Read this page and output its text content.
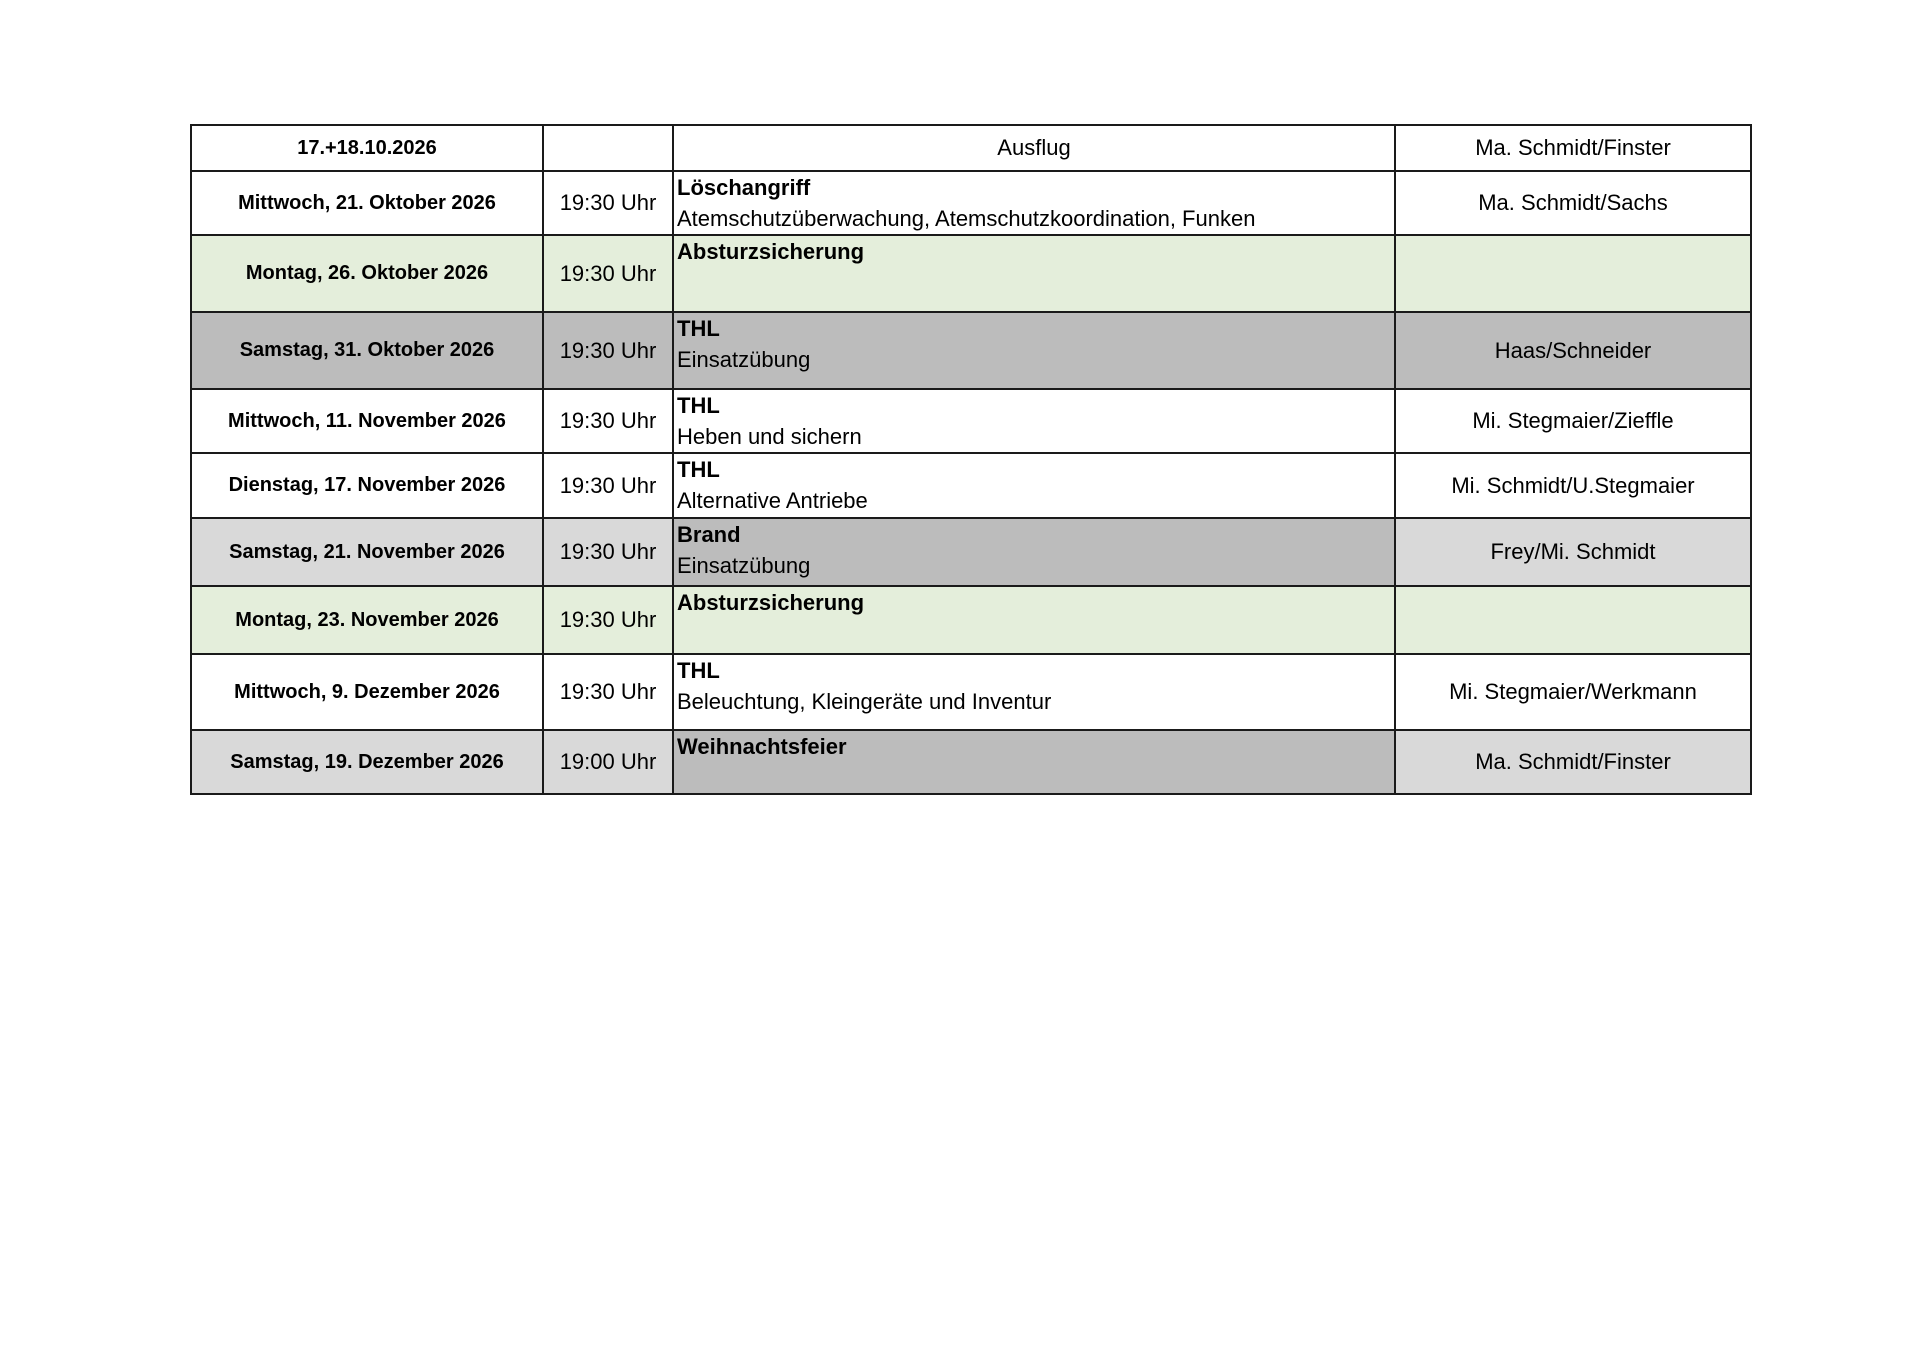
17.+18.10.2026		Ausflug	Ma. Schmidt/Finster
Mittwoch, 21. Oktober 2026	19:30 Uhr	Löschangriff
Atemschutzüberwachung, Atemschutzkoordination, Funken	Ma. Schmidt/Sachs
Montag, 26. Oktober 2026	19:30 Uhr	Absturzsicherung	

Samstag, 31. Oktober 2026	19:30 Uhr	THL
Einsatzübung	Haas/Schneider
Mittwoch, 11. November 2026	19:30 Uhr	THL
Heben und sichern	Mi. Stegmaier/Zieffle
Dienstag, 17. November 2026	19:30 Uhr	THL
Alternative Antriebe	Mi. Schmidt/U.Stegmaier
Samstag, 21. November 2026	19:30 Uhr	Brand
Einsatzübung	Frey/Mi. Schmidt
Montag, 23. November 2026	19:30 Uhr	Absturzsicherung	

Mittwoch, 9. Dezember 2026	19:30 Uhr	THL
Beleuchtung, Kleingeräte und Inventur	Mi. Stegmaier/Werkmann
Samstag, 19. Dezember 2026	19:00 Uhr	Weihnachtsfeier	Ma. Schmidt/Finster
